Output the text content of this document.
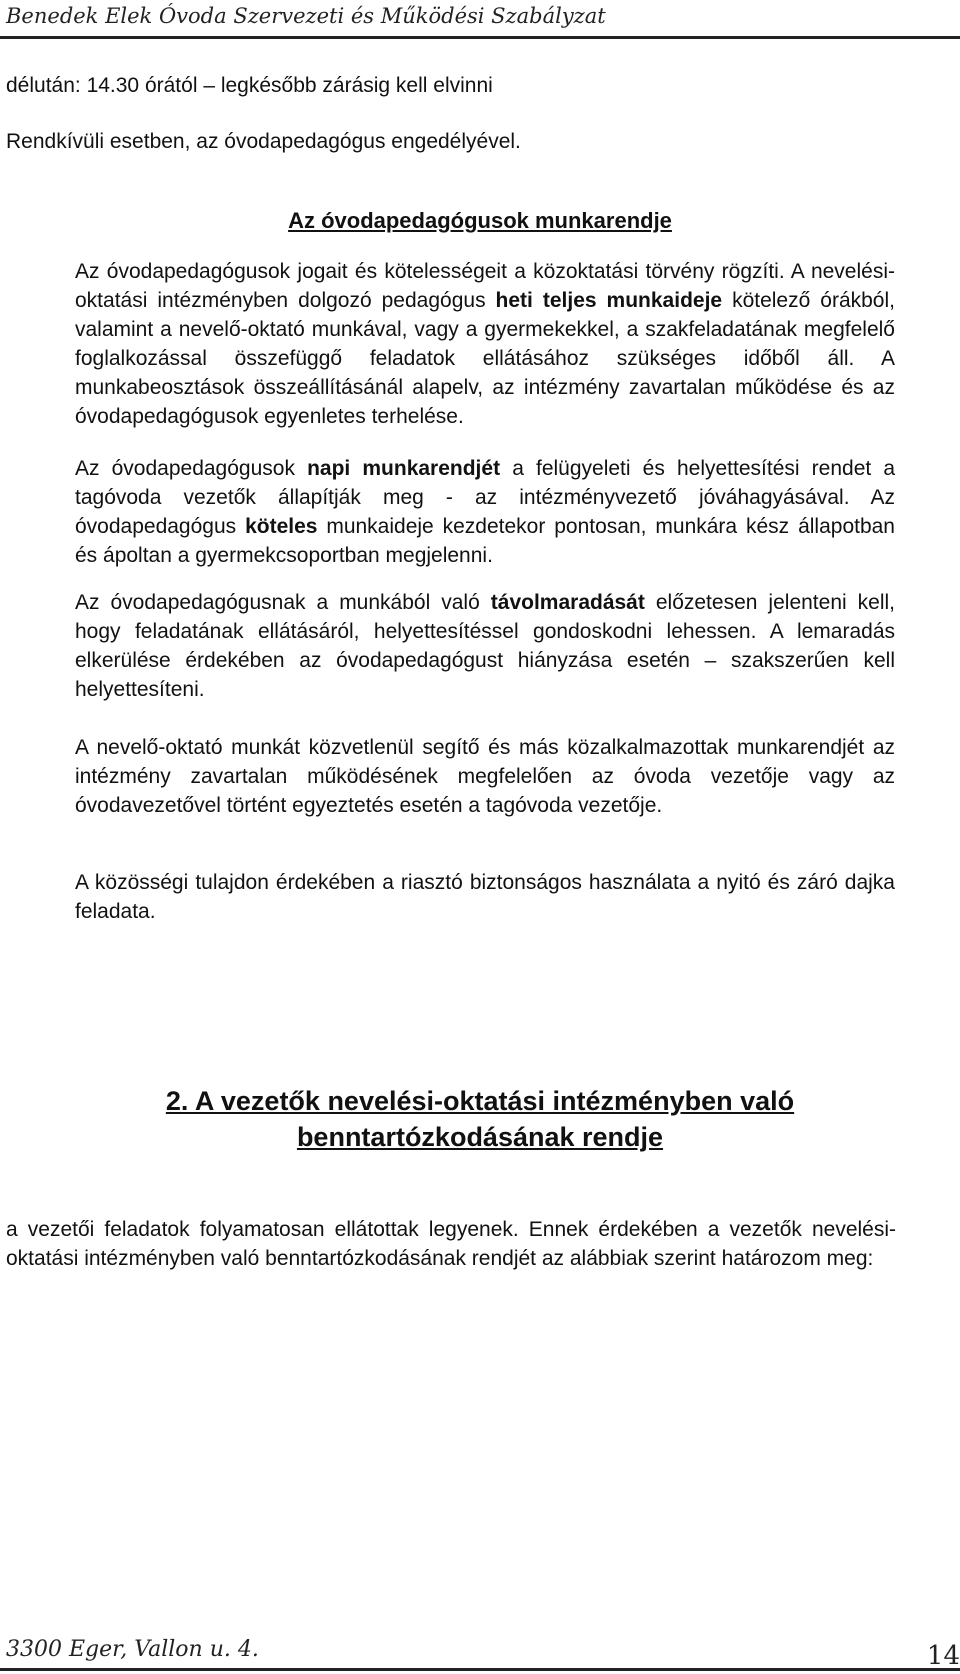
Benedek Elek Óvoda Szervezeti és Működési Szabályzat
délután: 14.30 órától – legkésőbb zárásig kell elvinni
Rendkívüli esetben, az óvodapedagógus engedélyével.
Az óvodapedagógusok munkarendje
Az óvodapedagógusok jogait és kötelességeit a közoktatási törvény rögzíti. A nevelési-oktatási intézményben dolgozó pedagógus heti teljes munkaideje kötelező órákból, valamint a nevelő-oktató munkával, vagy a gyermekekkel, a szakfeladatának megfelelő foglalkozással összefüggő feladatok ellátásához szükséges időből áll. A munkabeosztások összeállításánál alapelv, az intézmény zavartalan működése és az óvodapedagógusok egyenletes terhelése.
Az óvodapedagógusok napi munkarendjét a felügyeleti és helyettesítési rendet a tagóvoda vezetők állapítják meg - az intézményvezető jóváhagyásával. Az óvodapedagógus köteles munkaideje kezdetekor pontosan, munkára kész állapotban és ápoltan a gyermekcsoportban megjelenni.
Az óvodapedagógusnak a munkából való távolmaradását előzetesen jelenteni kell, hogy feladatának ellátásáról, helyettesítéssel gondoskodni lehessen. A lemaradás elkerülése érdekében az óvodapedagógust hiányzása esetén – szakszerűen kell helyettesíteni.
A nevelő-oktató munkát közvetlenül segítő és más közalkalmazottak munkarendjét az intézmény zavartalan működésének megfelelően az óvoda vezetője vagy az óvodavezetővel történt egyeztetés esetén a tagóvoda vezetője.
A közösségi tulajdon érdekében a riasztó biztonságos használata a nyitó és záró dajka feladata.
2. A vezetők nevelési-oktatási intézményben való
benntartózkodásának rendje
a vezetői feladatok folyamatosan ellátottak legyenek. Ennek érdekében a vezetők nevelési-oktatási intézményben való benntartózkodásának rendjét az alábbiak szerint határozom meg:
3300 Eger, Vallon u. 4.	14
